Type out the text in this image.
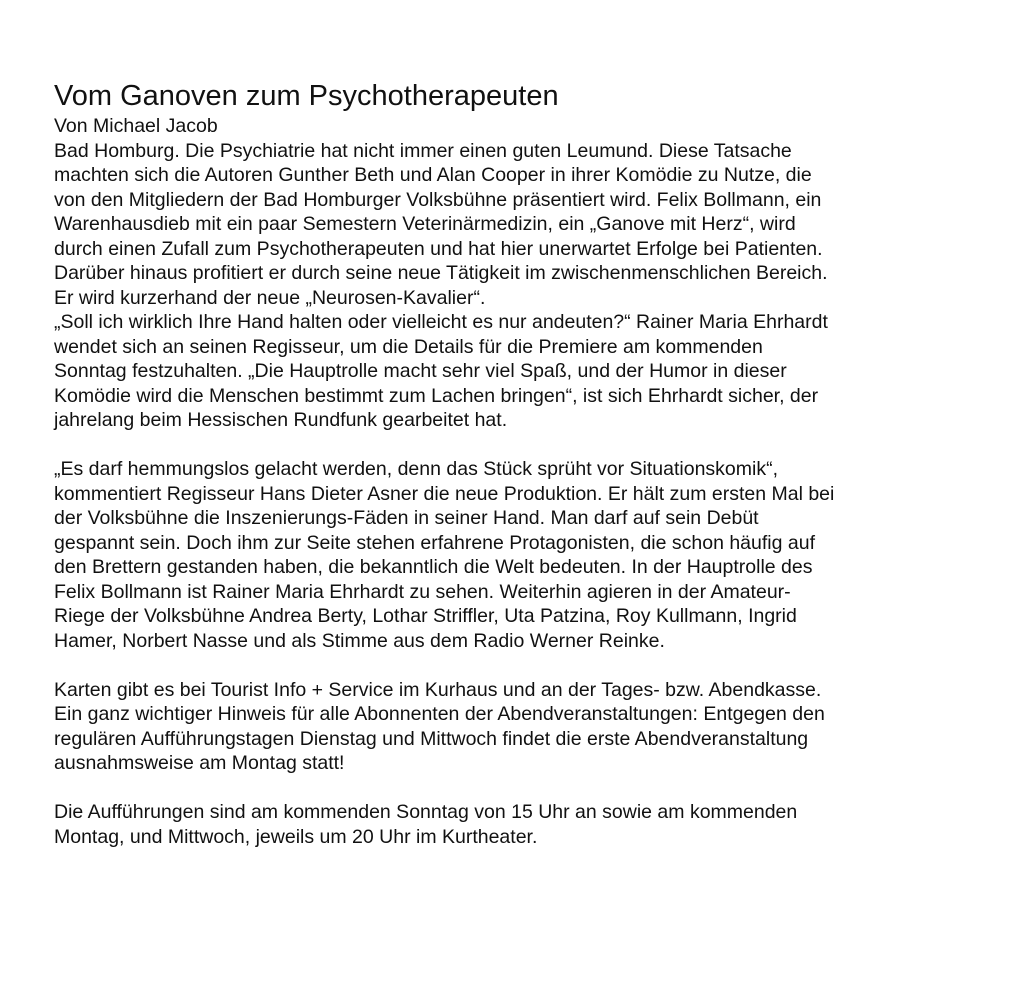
Vom Ganoven zum Psychotherapeuten

Von Michael Jacob

Bad Homburg. Die Psychiatrie hat nicht immer einen guten Leumund. Diese Tatsache
machten sich die Autoren Gunther Beth und Alan Cooper in ihrer Komödie zu Nutze, die
von den Mitgliedern der Bad Homburger Volksbühne präsentiert wird. Felix Bollmann, ein
Warenhausdieb mit ein paar Semestern Veterinärmedizin, ein „Ganove mit Herz“, wird
durch einen Zufall zum Psychotherapeuten und hat hier unerwartet Erfolge bei Patienten.
Darüber hinaus profitiert er durch seine neue Tätigkeit im zwischenmenschlichen Bereich.
Er wird kurzerhand der neue „Neurosen-Kavalier“.

„Soll ich wirklich Ihre Hand halten oder vielleicht es nur andeuten?“ Rainer Maria Ehrhardt
wendet sich an seinen Regisseur, um die Details für die Premiere am kommenden
Sonntag festzuhalten. „Die Hauptrolle macht sehr viel Spaß, und der Humor in dieser
Komödie wird die Menschen bestimmt zum Lachen bringen“, ist sich Ehrhardt sicher, der
jahrelang beim Hessischen Rundfunk gearbeitet hat.

„Es darf hemmungslos gelacht werden, denn das Stück sprüht vor Situationskomik“,
kommentiert Regisseur Hans Dieter Asner die neue Produktion. Er hält zum ersten Mal bei
der Volksbühne die Inszenierungs-Fäden in seiner Hand. Man darf auf sein Debüt
gespannt sein. Doch ihm zur Seite stehen erfahrene Protagonisten, die schon häufig auf
den Brettern gestanden haben, die bekanntlich die Welt bedeuten. In der Hauptrolle des
Felix Bollmann ist Rainer Maria Ehrhardt zu sehen. Weiterhin agieren in der Amateur-
Riege der Volksbühne Andrea Berty, Lothar Striffler, Uta Patzina, Roy Kullmann, Ingrid
Hamer, Norbert Nasse und als Stimme aus dem Radio Werner Reinke.

Karten gibt es bei Tourist Info + Service im Kurhaus und an der Tages- bzw. Abendkasse.
Ein ganz wichtiger Hinweis für alle Abonnenten der Abendveranstaltungen: Entgegen den
regulären Aufführungstagen Dienstag und Mittwoch findet die erste Abendveranstaltung
ausnahmsweise am Montag statt!

Die Aufführungen sind am kommenden Sonntag von 15 Uhr an sowie am kommenden
Montag, und Mittwoch, jeweils um 20 Uhr im Kurtheater.
